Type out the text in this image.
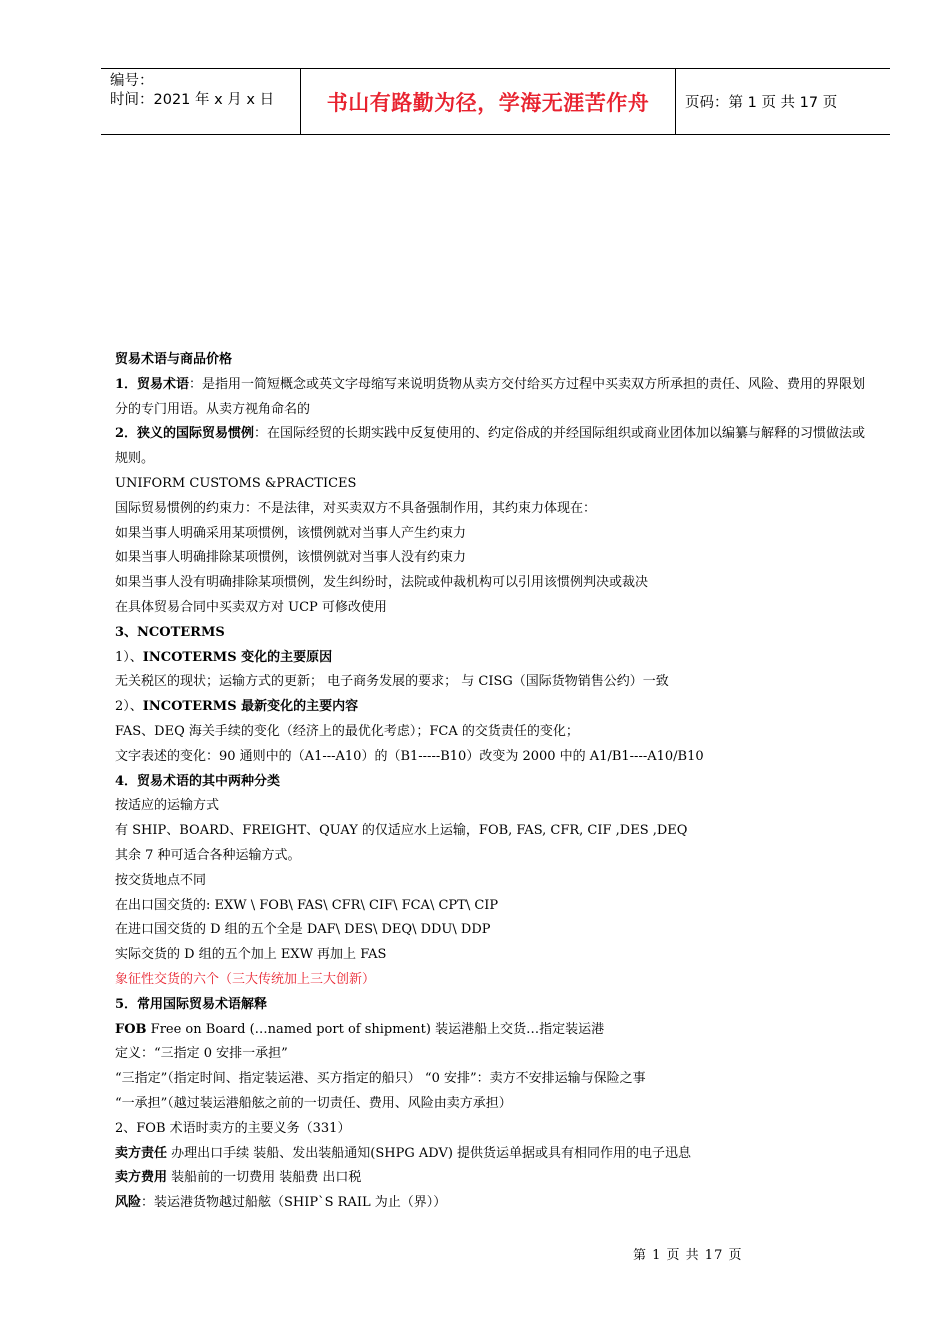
编号：
时间：2021 年 x 月 x 日	书山有路勤为径，学海无涯苦作舟	页码：第 1 页 共 17 页

贸易术语与商品价格

1．贸易术语：是指用一简短概念或英文字母缩写来说明货物从卖方交付给买方过程中买卖双方所承担的责任、风险、费用的界限划分的专门用语。从卖方视角命名的

2．狭义的国际贸易惯例：在国际经贸的长期实践中反复使用的、约定俗成的并经国际组织或商业团体加以编纂与解释的习惯做法或规则。

UNIFORM CUSTOMS &PRACTICES

国际贸易惯例的约束力：不是法律，对买卖双方不具备强制作用，其约束力体现在：

如果当事人明确采用某项惯例，该惯例就对当事人产生约束力

如果当事人明确排除某项惯例，该惯例就对当事人没有约束力

如果当事人没有明确排除某项惯例，发生纠纷时，法院或仲裁机构可以引用该惯例判决或裁决

在具体贸易合同中买卖双方对 UCP 可修改使用

3、NCOTERMS

1）、INCOTERMS 变化的主要原因

无关税区的现状；运输方式的更新； 电子商务发展的要求； 与 CISG（国际货物销售公约）一致

2）、INCOTERMS 最新变化的主要内容

FAS、DEQ 海关手续的变化（经济上的最优化考虑）；FCA 的交货责任的变化；

文字表述的变化：90 通则中的（A1---A10）的（B1-----B10）改变为 2000 中的 A1/B1----A10/B10

4．贸易术语的其中两种分类

按适应的运输方式

有 SHIP、BOARD、FREIGHT、QUAY 的仅适应水上运输，FOB, FAS, CFR, CIF ,DES ,DEQ

其余 7 种可适合各种运输方式。

按交货地点不同

在出口国交货的: EXW \ FOB\ FAS\ CFR\ CIF\ FCA\ CPT\ CIP

在进口国交货的 D 组的五个全是 DAF\ DES\ DEQ\ DDU\ DDP

实际交货的 D 组的五个加上 EXW 再加上 FAS

象征性交货的六个（三大传统加上三大创新）

5．常用国际贸易术语解释

FOB Free on Board (…named port of shipment) 装运港船上交货…指定装运港

定义：“三指定 0 安排一承担”

“三指定”（指定时间、指定装运港、买方指定的船只） “0 安排”：卖方不安排运输与保险之事

“一承担”（越过装运港船舷之前的一切责任、费用、风险由卖方承担）

2、FOB 术语时卖方的主要义务（331）

卖方责任 办理出口手续 装船、发出装船通知(SHPG ADV) 提供货运单据或具有相同作用的电子迅息

卖方费用 装船前的一切费用 装船费 出口税

风险：装运港货物越过船舷（SHIP`S RAIL 为止（界））

第 1 页 共 17 页
